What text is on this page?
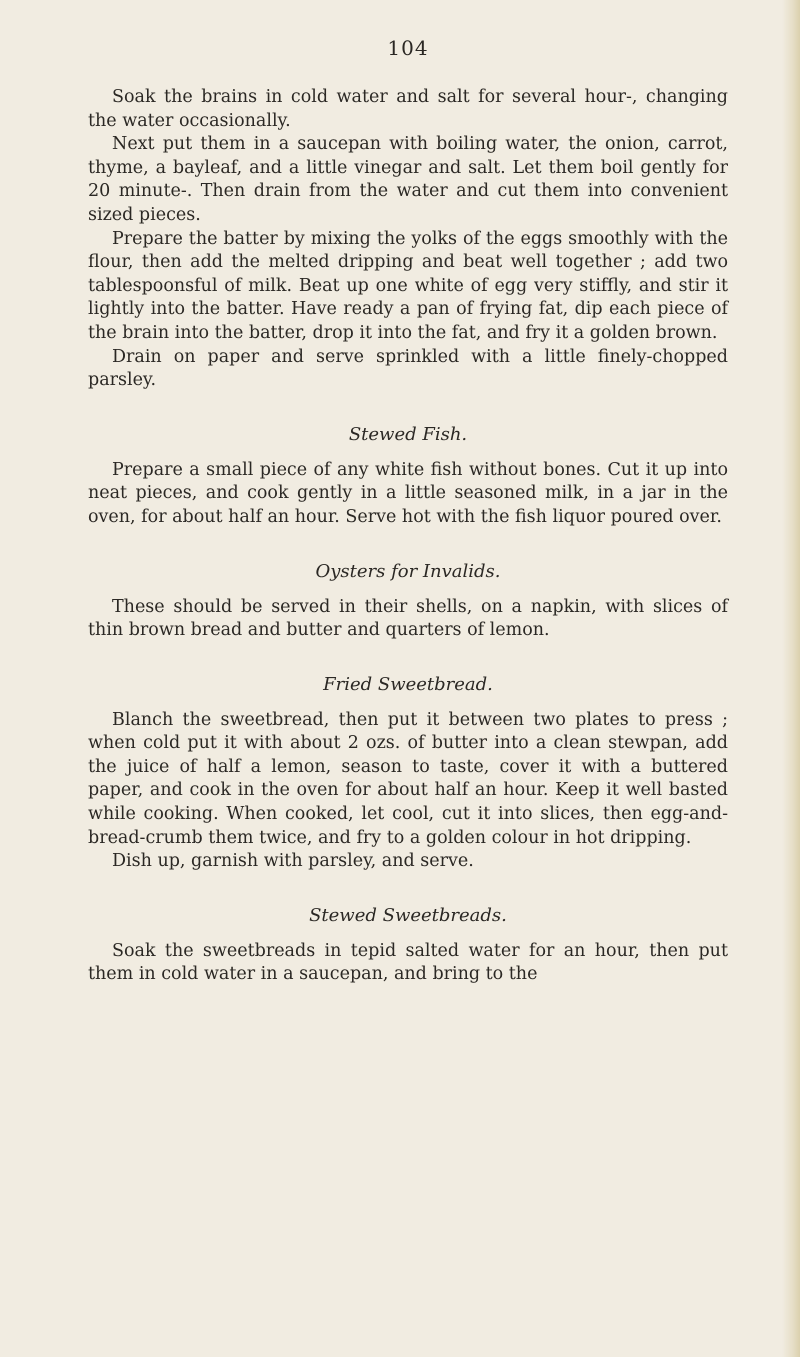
104

Soak the brains in cold water and salt for several hour-, changing the water occasionally.

Next put them in a saucepan with boiling water, the onion, carrot, thyme, a bayleaf, and a little vinegar and salt. Let them boil gently for 20 minute-. Then drain from the water and cut them into convenient sized pieces.

Prepare the batter by mixing the yolks of the eggs smoothly with the flour, then add the melted dripping and beat well together ; add two tablespoonsful of milk. Beat up one white of egg very stiffly, and stir it lightly into the batter. Have ready a pan of frying fat, dip each piece of the brain into the batter, drop it into the fat, and fry it a golden brown.

Drain on paper and serve sprinkled with a little finely-chopped parsley.

Stewed Fish.

Prepare a small piece of any white fish without bones. Cut it up into neat pieces, and cook gently in a little seasoned milk, in a jar in the oven, for about half an hour. Serve hot with the fish liquor poured over.

Oysters for Invalids.

These should be served in their shells, on a napkin, with slices of thin brown bread and butter and quarters of lemon.

Fried Sweetbread.

Blanch the sweetbread, then put it between two plates to press ; when cold put it with about 2 ozs. of butter into a clean stewpan, add the juice of half a lemon, season to taste, cover it with a buttered paper, and cook in the oven for about half an hour. Keep it well basted while cooking. When cooked, let cool, cut it into slices, then egg-and-bread-crumb them twice, and fry to a golden colour in hot dripping.

Dish up, garnish with parsley, and serve.

Stewed Sweetbreads.

Soak the sweetbreads in tepid salted water for an hour, then put them in cold water in a saucepan, and bring to the
